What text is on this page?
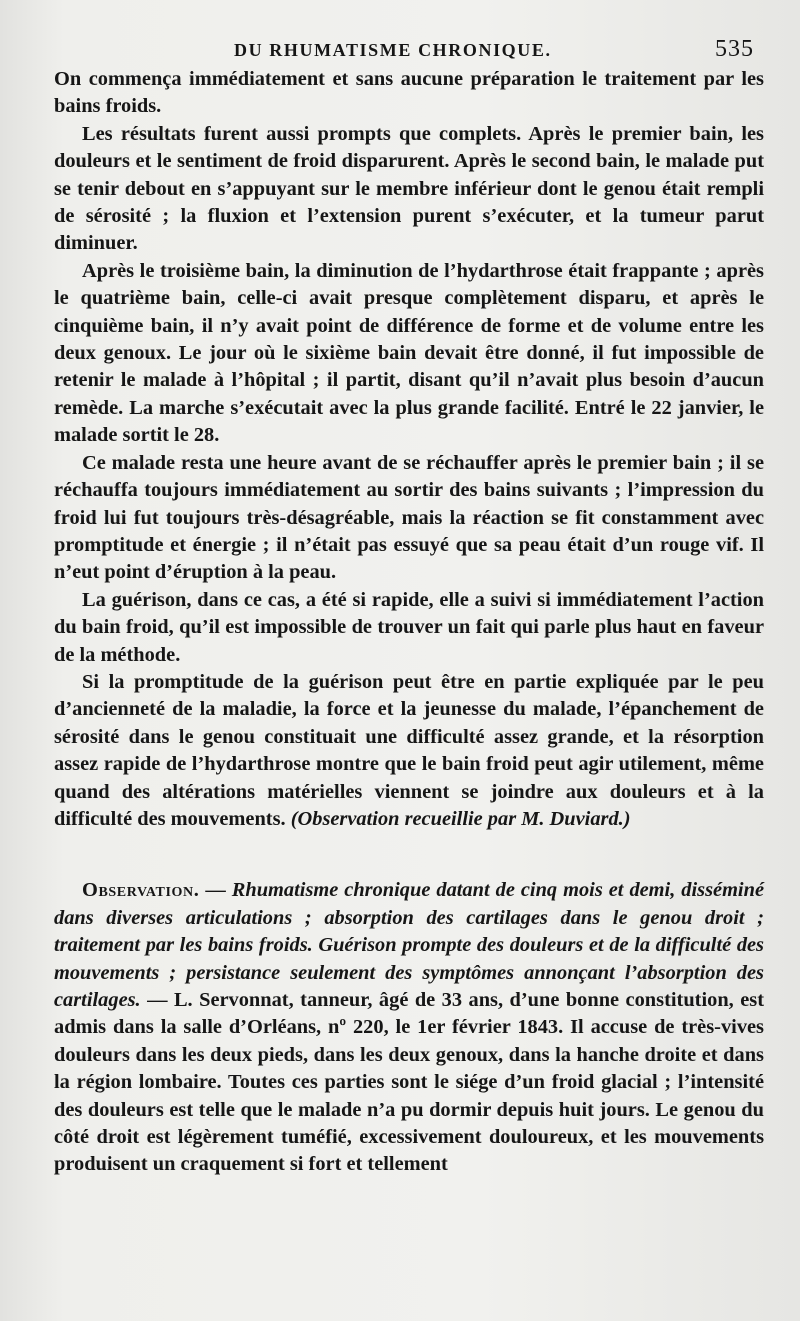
DU RHUMATISME CHRONIQUE.	535

On commença immédiatement et sans aucune préparation le traitement par les bains froids.

Les résultats furent aussi prompts que complets. Après le premier bain, les douleurs et le sentiment de froid disparurent. Après le second bain, le malade put se tenir debout en s’appuyant sur le membre inférieur dont le genou était rempli de sérosité ; la fluxion et l’extension purent s’exécuter, et la tumeur parut diminuer.

Après le troisième bain, la diminution de l’hydarthrose était frappante ; après le quatrième bain, celle-ci avait presque complètement disparu, et après le cinquième bain, il n’y avait point de différence de forme et de volume entre les deux genoux. Le jour où le sixième bain devait être donné, il fut impossible de retenir le malade à l’hôpital ; il partit, disant qu’il n’avait plus besoin d’aucun remède. La marche s’exécutait avec la plus grande facilité. Entré le 22 janvier, le malade sortit le 28.

Ce malade resta une heure avant de se réchauffer après le premier bain ; il se réchauffa toujours immédiatement au sortir des bains suivants ; l’impression du froid lui fut toujours très-désagréable, mais la réaction se fit constamment avec promptitude et énergie ; il n’était pas essuyé que sa peau était d’un rouge vif. Il n’eut point d’éruption à la peau.

La guérison, dans ce cas, a été si rapide, elle a suivi si immédiatement l’action du bain froid, qu’il est impossible de trouver un fait qui parle plus haut en faveur de la méthode.

Si la promptitude de la guérison peut être en partie expliquée par le peu d’ancienneté de la maladie, la force et la jeunesse du malade, l’épanchement de sérosité dans le genou constituait une difficulté assez grande, et la résorption assez rapide de l’hydarthrose montre que le bain froid peut agir utilement, même quand des altérations matérielles viennent se joindre aux douleurs et à la difficulté des mouvements. (Observation recueillie par M. Duviard.)

Observation. — Rhumatisme chronique datant de cinq mois et demi, disséminé dans diverses articulations ; absorption des cartilages dans le genou droit ; traitement par les bains froids. Guérison prompte des douleurs et de la difficulté des mouvements ; persistance seulement des symptômes annonçant l’absorption des cartilages. — L. Servonnat, tanneur, âgé de 33 ans, d’une bonne constitution, est admis dans la salle d’Orléans, nº 220, le 1er février 1843. Il accuse de très-vives douleurs dans les deux pieds, dans les deux genoux, dans la hanche droite et dans la région lombaire. Toutes ces parties sont le siége d’un froid glacial ; l’intensité des douleurs est telle que le malade n’a pu dormir depuis huit jours. Le genou du côté droit est légèrement tuméfié, excessivement douloureux, et les mouvements produisent un craquement si fort et tellement
